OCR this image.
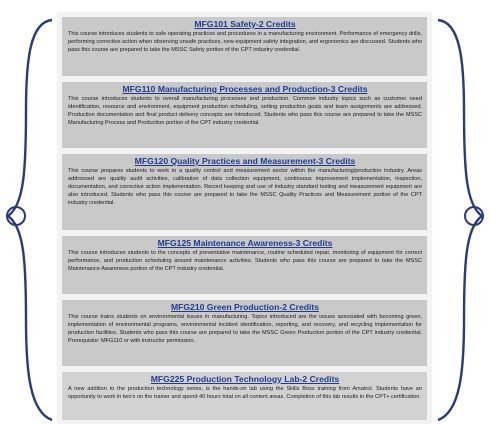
MFG101 Safety-2 Credits
This course introduces students to safe operating practices and procedures in a manufacturing environment. Performance of emergency drills, performing corrective action when observing unsafe practices, new equipment safety integration, and ergonomics are discussed. Students who pass this course are prepared to take the MSSC Safety portion of the CPT industry credential.
MFG110 Manufacturing Processes and Production-3 Credits
This course introduces students to overall manufacturing processes and production. Common industry topics such as customer need identification, resource and environment, equipment production scheduling, setting production goals and team assignments are addressed. Production documentation and final product delivery concepts are introduced. Students who pass this course are prepared to take the MSSC Manufacturing Process and Production portion of the CPT industry credential.
MFG120 Quality Practices and Measurement-3 Credits
This course prepares students to work in a quality control and measurement sector within the manufacturing/production industry. Areas addressed are quality audit activities, calibration of data collection equipment, continuous improvement implementation, inspection, documentation, and corrective action implementation. Record keeping and use of industry standard testing and measurement equipment are also introduced. Students who pass this course are prepared to take the MSSC Quality Practices and Measurement portion of the CPT industry credential.
MFG125 Maintenance Awareness-3 Credits
This course introduces students to the concepts of preventative maintenance, routine scheduled repair, monitoring of equipment for correct performance, and production scheduling around maintenance activities. Students who pass this course are prepared to take the MSSC Maintenance Awareness portion of the CPT industry credential.
MFG210 Green Production-2 Credits
This course trains students on environmental issues in manufacturing. Topics introduced are the issues associated with becoming green, implementation of environmental programs, environmental incident identification, reporting, and recovery, and recycling implementation for production facilities. Students who pass this course are prepared to take the MSSC Green Production portion of the CPT industry credential. Prerequisite: MFG110 or with instructor permission.
MFG225 Production Technology Lab-2 Credits
A new addition to the production technology series, is the hands-on lab using the Skills Boss training from Amatrol. Students have an opportunity to work in two's on the trainer and spend 40 hours total on all content areas. Completion of this lab results in the CPT+ certification.
